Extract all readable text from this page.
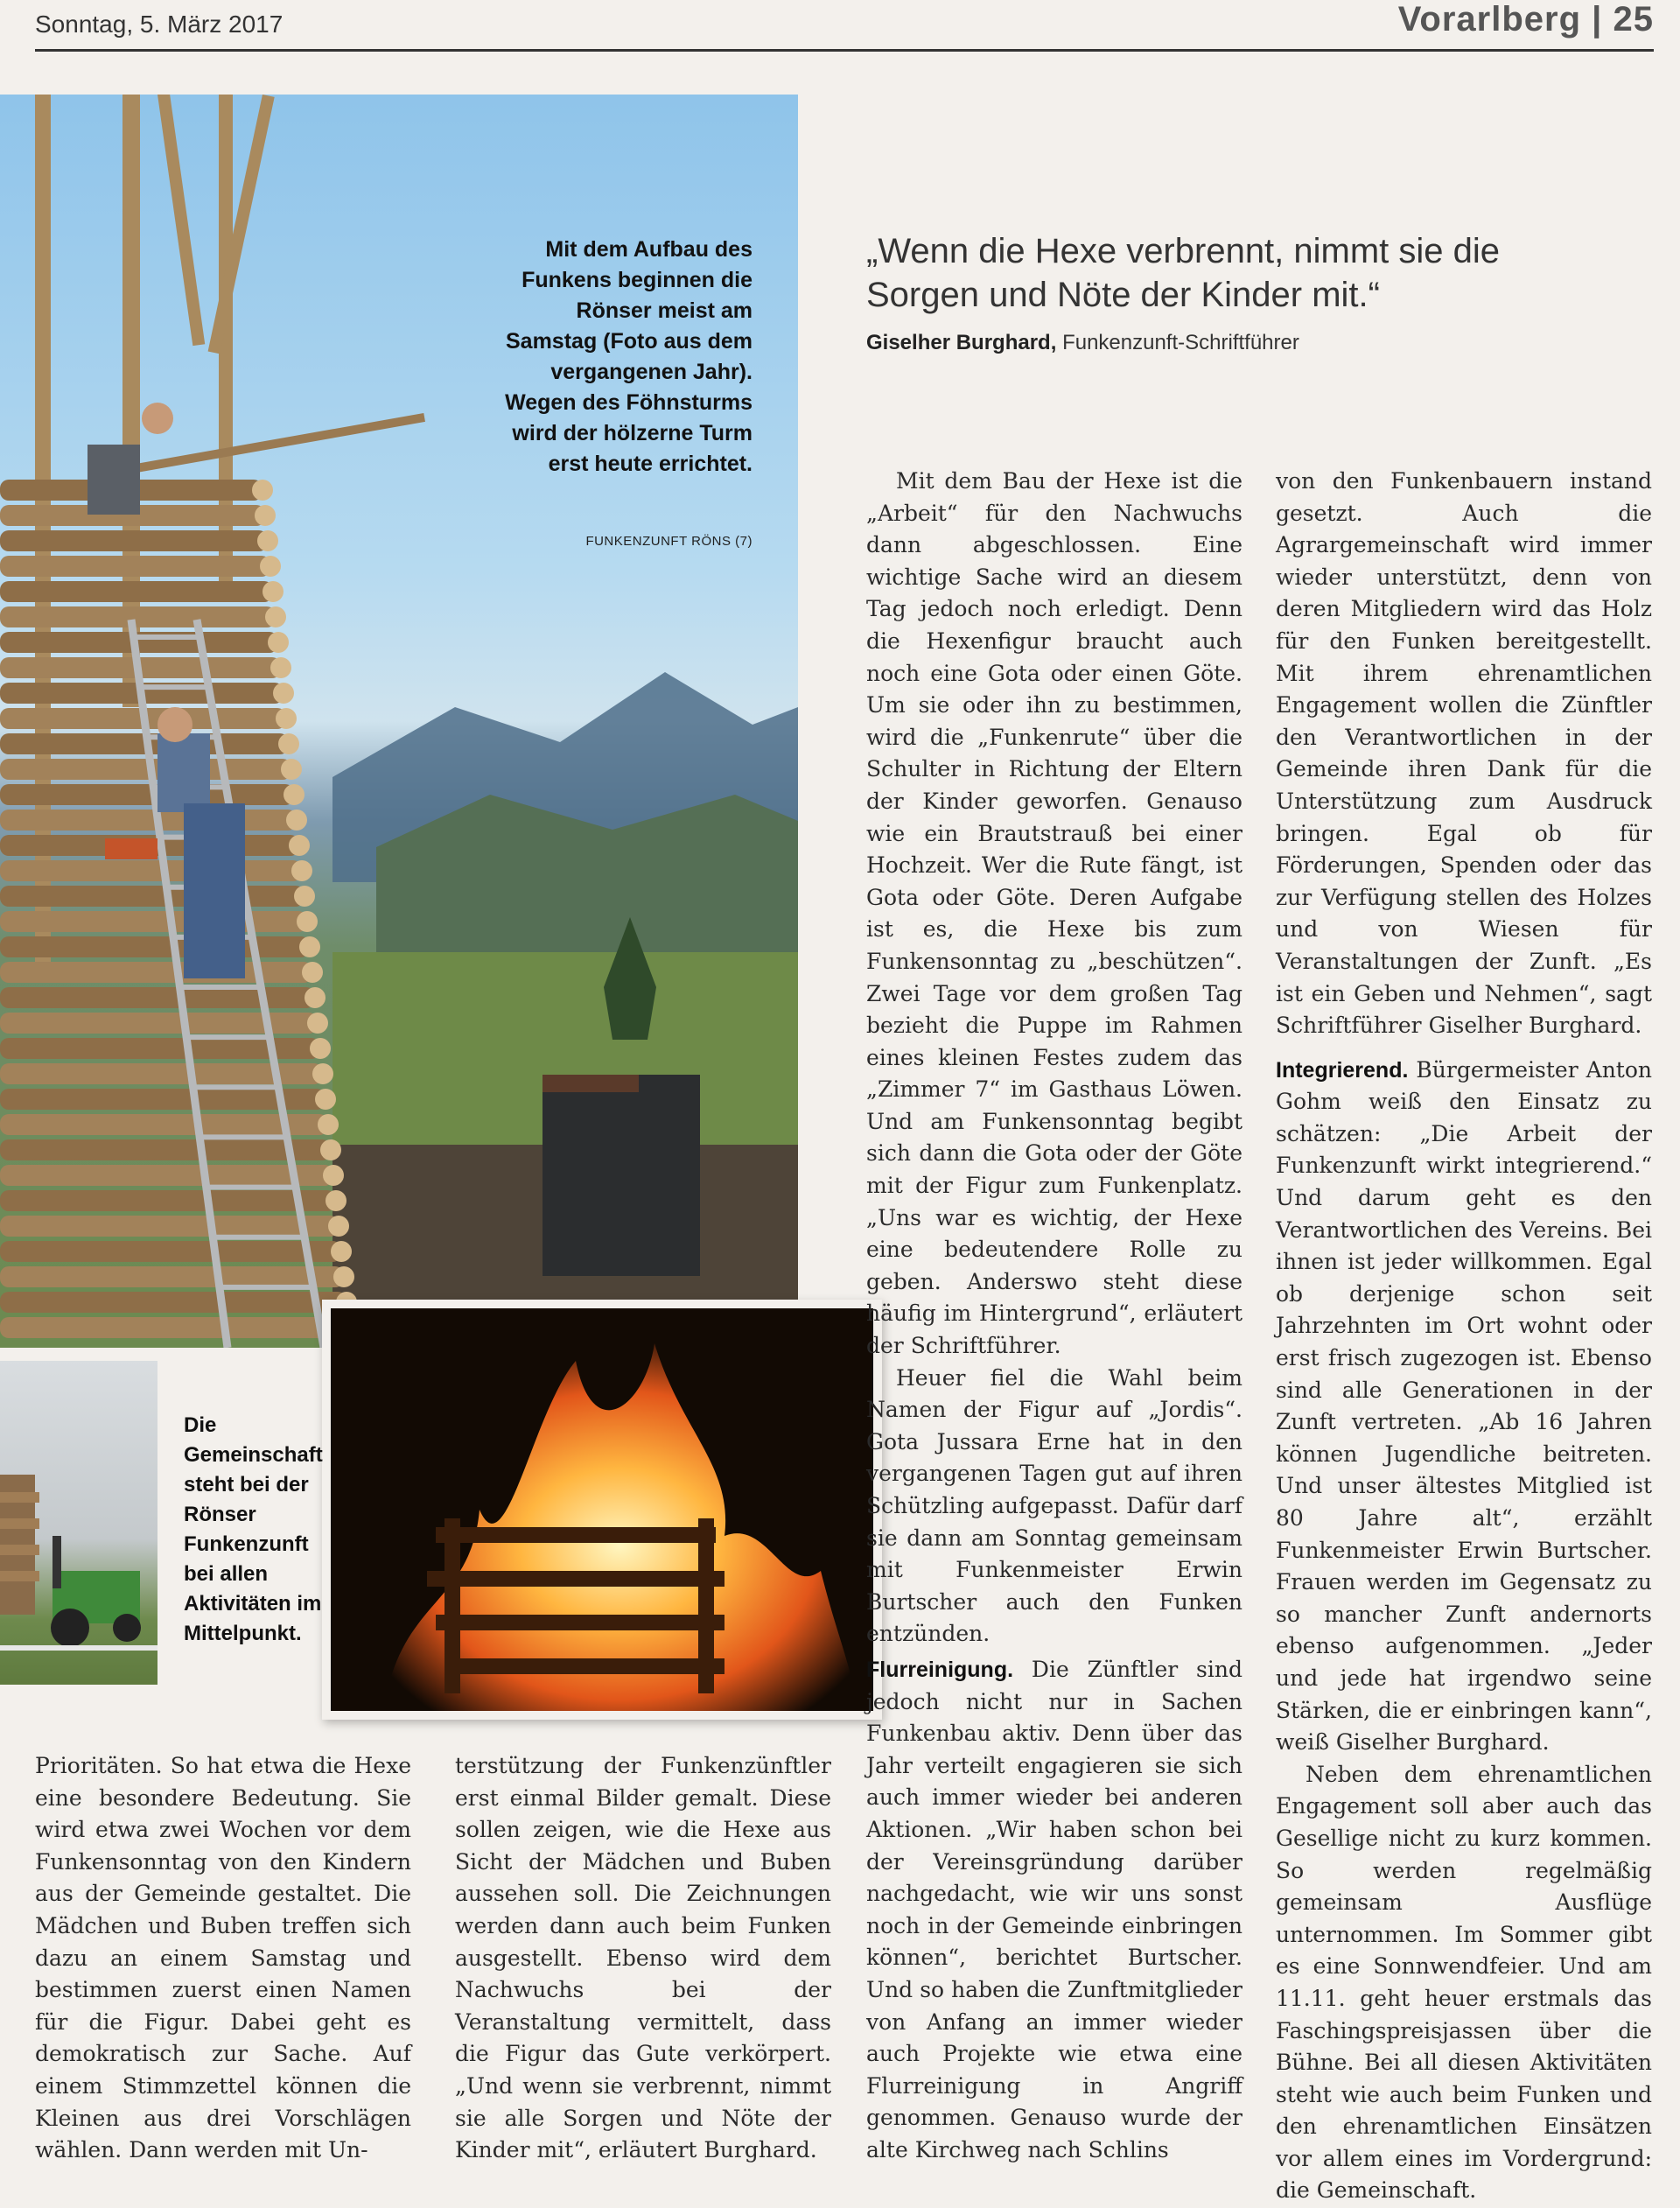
Sonntag, 5. März 2017	Vorarlberg | 25
Mit dem Aufbau des Funkens beginnen die Rönser meist am Samstag (Foto aus dem vergangenen Jahr). Wegen des Föhnsturms wird der hölzerne Turm erst heute errichtet.
FUNKENZUNFT RÖNS (7)
Die Gemeinschaft steht bei der Rönser Funkenzunft bei allen Aktivitäten im Mittelpunkt.
„Wenn die Hexe verbrennt, nimmt sie die Sorgen und Nöte der Kinder mit.“
Giselher Burghard, Funkenzunft-Schriftführer

Mit dem Bau der Hexe ist die „Arbeit“ für den Nachwuchs dann abgeschlossen. Eine wichtige Sache wird an diesem Tag jedoch noch erledigt. Denn die Hexenfigur braucht auch noch eine Gota oder einen Göte. Um sie oder ihn zu bestimmen, wird die „Funkenrute“ über die Schulter in Richtung der Eltern der Kinder geworfen. Genauso wie ein Brautstrauß bei einer Hochzeit. Wer die Rute fängt, ist Gota oder Göte. Deren Aufgabe ist es, die Hexe bis zum Funkensonntag zu „beschützen“. Zwei Tage vor dem großen Tag bezieht die Puppe im Rahmen eines kleinen Festes zudem das „Zimmer 7“ im Gasthaus Löwen. Und am Funkensonntag begibt sich dann die Gota oder der Göte mit der Figur zum Funkenplatz. „Uns war es wichtig, der Hexe eine bedeutendere Rolle zu geben. Anderswo steht diese häufig im Hintergrund“, erläutert der Schriftführer.

Heuer fiel die Wahl beim Namen der Figur auf „Jordis“. Gota Jussara Erne hat in den vergangenen Tagen gut auf ihren Schützling aufgepasst. Dafür darf sie dann am Sonntag gemeinsam mit Funkenmeister Erwin Burtscher auch den Funken entzünden.

Flurreinigung. Die Zünftler sind jedoch nicht nur in Sachen Funkenbau aktiv. Denn über das Jahr verteilt engagieren sie sich auch immer wieder bei anderen Aktionen. „Wir haben schon bei der Vereinsgründung darüber nachgedacht, wie wir uns sonst noch in der Gemeinde einbringen können“, berichtet Burtscher. Und so haben die Zunftmitglieder von Anfang an immer wieder auch Projekte wie etwa eine Flurreinigung in Angriff genommen. Genauso wurde der alte Kirchweg nach Schlins

von den Funkenbauern instand gesetzt. Auch die Agrargemeinschaft wird immer wieder unterstützt, denn von deren Mitgliedern wird das Holz für den Funken bereitgestellt. Mit ihrem ehrenamtlichen Engagement wollen die Zünftler den Verantwortlichen in der Gemeinde ihren Dank für die Unterstützung zum Ausdruck bringen. Egal ob für Förderungen, Spenden oder das zur Verfügung stellen des Holzes und von Wiesen für Veranstaltungen der Zunft. „Es ist ein Geben und Nehmen“, sagt Schriftführer Giselher Burghard.

Integrierend. Bürgermeister Anton Gohm weiß den Einsatz zu schätzen: „Die Arbeit der Funkenzunft wirkt integrierend.“ Und darum geht es den Verantwortlichen des Vereins. Bei ihnen ist jeder willkommen. Egal ob derjenige schon seit Jahrzehnten im Ort wohnt oder erst frisch zugezogen ist. Ebenso sind alle Generationen in der Zunft vertreten. „Ab 16 Jahren können Jugendliche beitreten. Und unser ältestes Mitglied ist 80 Jahre alt“, erzählt Funkenmeister Erwin Burtscher. Frauen werden im Gegensatz zu so mancher Zunft andernorts ebenso aufgenommen. „Jeder und jede hat irgendwo seine Stärken, die er einbringen kann“, weiß Giselher Burghard.

Neben dem ehrenamtlichen Engagement soll aber auch das Gesellige nicht zu kurz kommen. So werden regelmäßig gemeinsam Ausflüge unternommen. Im Sommer gibt es eine Sonnwendfeier. Und am 11.11. geht heuer erstmals das Faschingspreisjassen über die Bühne. Bei all diesen Aktivitäten steht wie auch beim Funken und den ehrenamtlichen Einsätzen vor allem eines im Vordergrund: die Gemeinschaft.

Prioritäten. So hat etwa die Hexe eine besondere Bedeutung. Sie wird etwa zwei Wochen vor dem Funkensonntag von den Kindern aus der Gemeinde gestaltet. Die Mädchen und Buben treffen sich dazu an einem Samstag und bestimmen zuerst einen Namen für die Figur. Dabei geht es demokratisch zur Sache. Auf einem Stimmzettel können die Kleinen aus drei Vorschlägen wählen. Dann werden mit Un-

terstützung der Funkenzünftler erst einmal Bilder gemalt. Diese sollen zeigen, wie die Hexe aus Sicht der Mädchen und Buben aussehen soll. Die Zeichnungen werden dann auch beim Funken ausgestellt. Ebenso wird dem Nachwuchs bei der Veranstaltung vermittelt, dass die Figur das Gute verkörpert. „Und wenn sie verbrennt, nimmt sie alle Sorgen und Nöte der Kinder mit“, erläutert Burghard.
